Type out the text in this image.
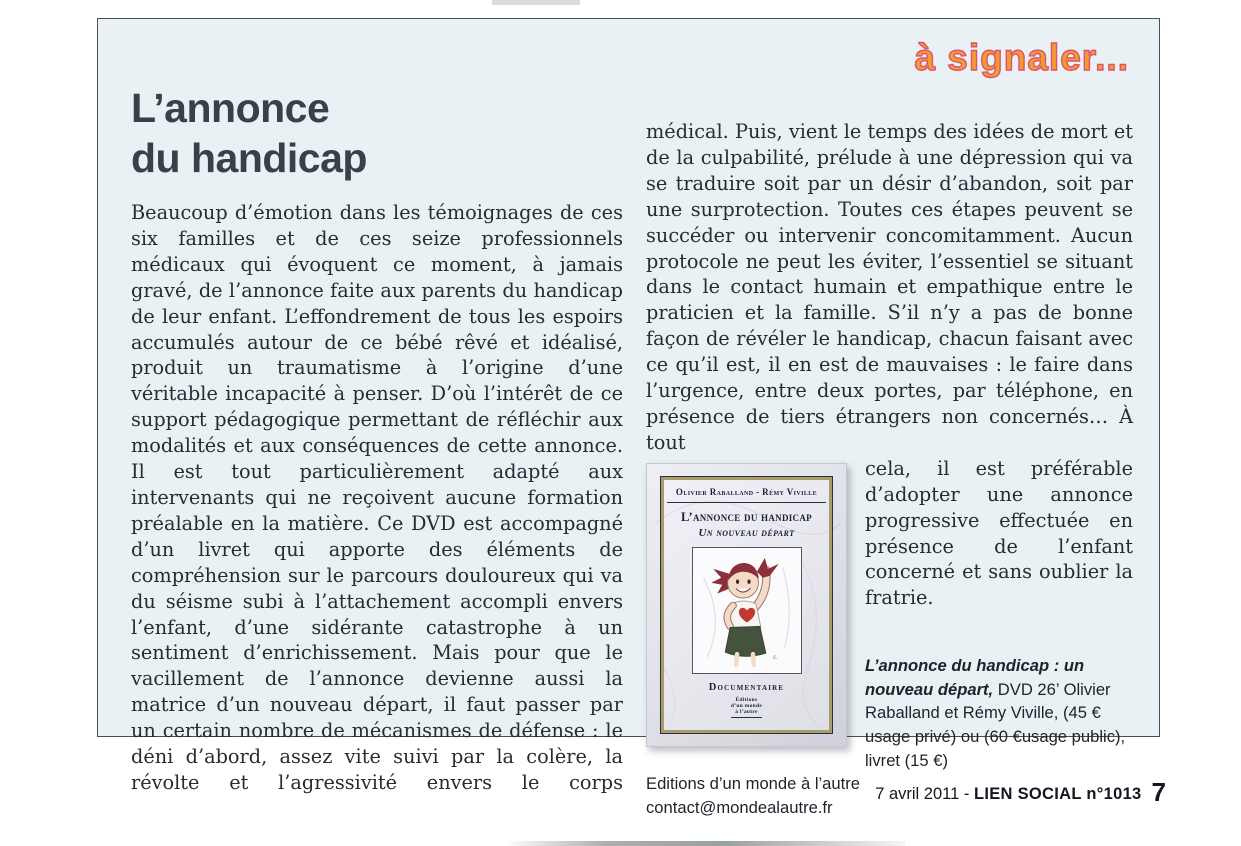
à signaler...
L’annonce
du handicap

Beaucoup d’émotion dans les témoignages de ces six familles et de ces seize professionnels médicaux qui évoquent ce moment, à jamais gravé, de l’annonce faite aux parents du handicap de leur enfant. L’effondrement de tous les espoirs accumulés autour de ce bébé rêvé et idéalisé, produit un traumatisme à l’origine d’une véritable incapacité à penser. D’où l’intérêt de ce support pédagogique permettant de réfléchir aux modalités et aux conséquences de cette annonce. Il est tout particulièrement adapté aux intervenants qui ne reçoivent aucune formation préalable en la matière. Ce DVD est accompagné d’un livret qui apporte des éléments de compréhension sur le parcours douloureux qui va du séisme subi à l’attachement accompli envers l’enfant, d’une sidérante catastrophe à un sentiment d’enrichissement. Mais pour que le vacillement de l’annonce devienne aussi la matrice d’un nouveau départ, il faut passer par un certain nombre de mécanismes de défense : le déni d’abord, assez vite suivi par la colère, la révolte et l’agressivité envers le corps

médical. Puis, vient le temps des idées de mort et de la culpabilité, prélude à une dépression qui va se traduire soit par un désir d’abandon, soit par une surprotection. Toutes ces étapes peuvent se succéder ou intervenir concomitamment. Aucun protocole ne peut les éviter, l’essentiel se situant dans le contact humain et empathique entre le praticien et la famille. S’il n’y a pas de bonne façon de révéler le handicap, chacun faisant avec ce qu’il est, il en est de mauvaises : le faire dans l’urgence, entre deux portes, par téléphone, en présence de tiers étrangers non concernés… À tout

Olivier Raballand - Rémy Viville
L’annonce du handicap
Un nouveau départ
s.
Documentaire
Éditions
d’un monde
à l’autre

cela, il est préférable d’adopter une annonce progressive effectuée en présence de l’enfant concerné et sans oublier la fratrie.

L’annonce du handicap : un nouveau départ, DVD 26’ Olivier Raballand et Rémy Viville, (45 € usage privé) ou (60 €usage public), livret (15 €)
Editions d’un monde à l’autre
contact@mondealautre.fr
7 avril 2011 - LIEN SOCIAL n°1013 7
